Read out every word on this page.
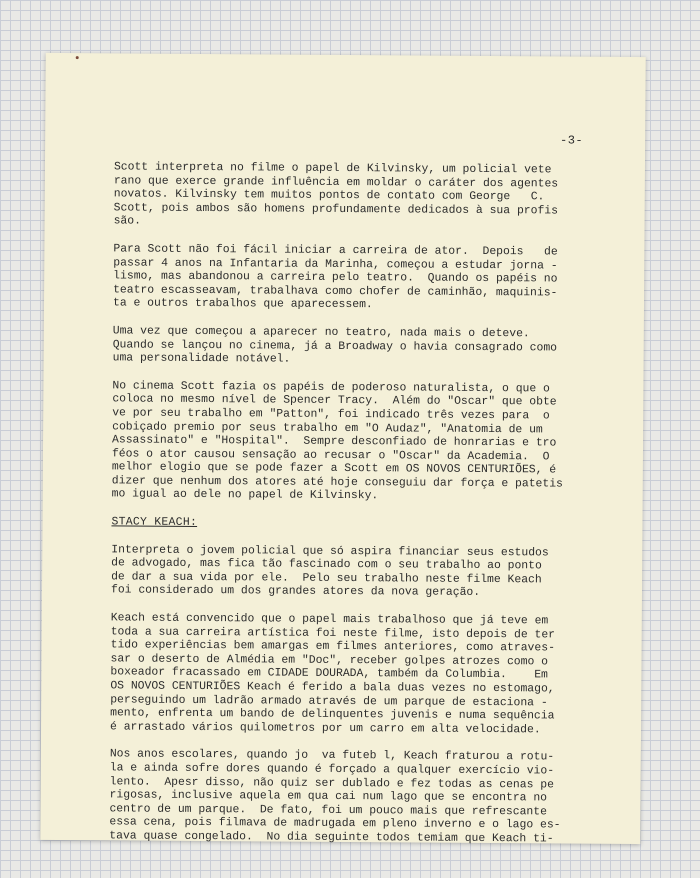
-3-
Scott interpreta no filme o papel de Kilvinsky, um policial vete
rano que exerce grande influência em moldar o caráter dos agentes
novatos. Kilvinsky tem muitos pontos de contato com George   C.
Scott, pois ambos são homens profundamente dedicados à sua profis
são.
Para Scott não foi fácil iniciar a carreira de ator.  Depois   de
passar 4 anos na Infantaria da Marinha, começou a estudar jorna -
lismo, mas abandonou a carreira pelo teatro.  Quando os papéis no
teatro escasseavam, trabalhava como chofer de caminhão, maquinis-
ta e outros trabalhos que aparecessem.
Uma vez que começou a aparecer no teatro, nada mais o deteve.
Quando se lançou no cinema, já a Broadway o havia consagrado como
uma personalidade notável.
No cinema Scott fazia os papéis de poderoso naturalista, o que o
coloca no mesmo nível de Spencer Tracy.  Além do "Oscar" que obte
ve por seu trabalho em "Patton", foi indicado três vezes para  o
cobiçado premio por seus trabalho em "O Audaz", "Anatomia de um
Assassinato" e "Hospital".  Sempre desconfiado de honrarias e tro
féos o ator causou sensação ao recusar o "Oscar" da Academia.  O
melhor elogio que se pode fazer a Scott em OS NOVOS CENTURIÕES, é
dizer que nenhum dos atores até hoje conseguiu dar força e patetis
mo igual ao dele no papel de Kilvinsky.
STACY KEACH:
Interpreta o jovem policial que só aspira financiar seus estudos
de advogado, mas fica tão fascinado com o seu trabalho ao ponto
de dar a sua vida por ele.  Pelo seu trabalho neste filme Keach
foi considerado um dos grandes atores da nova geração.
Keach está convencido que o papel mais trabalhoso que já teve em
toda a sua carreira artística foi neste filme, isto depois de ter
tido experiências bem amargas em filmes anteriores, como atraves-
sar o deserto de Almédia em "Doc", receber golpes atrozes como o
boxeador fracassado em CIDADE DOURADA, também da Columbia.    Em
OS NOVOS CENTURIÕES Keach é ferido a bala duas vezes no estomago,
perseguindo um ladrão armado através de um parque de estaciona -
mento, enfrenta um bando de delinquentes juvenis e numa sequência
é arrastado vários quilometros por um carro em alta velocidade.
Nos anos escolares, quando jo  va futeb l, Keach fraturou a rotu-
la e ainda sofre dores quando é forçado a qualquer exercício vio-
lento.  Apesr disso, não quiz ser dublado e fez todas as cenas pe
rigosas, inclusive aquela em qua cai num lago que se encontra no
centro de um parque.  De fato, foi um pouco mais que refrescante
essa cena, pois filmava de madrugada em pleno inverno e o lago es-
tava quase congelado.  No dia seguinte todos temiam que Keach ti-
